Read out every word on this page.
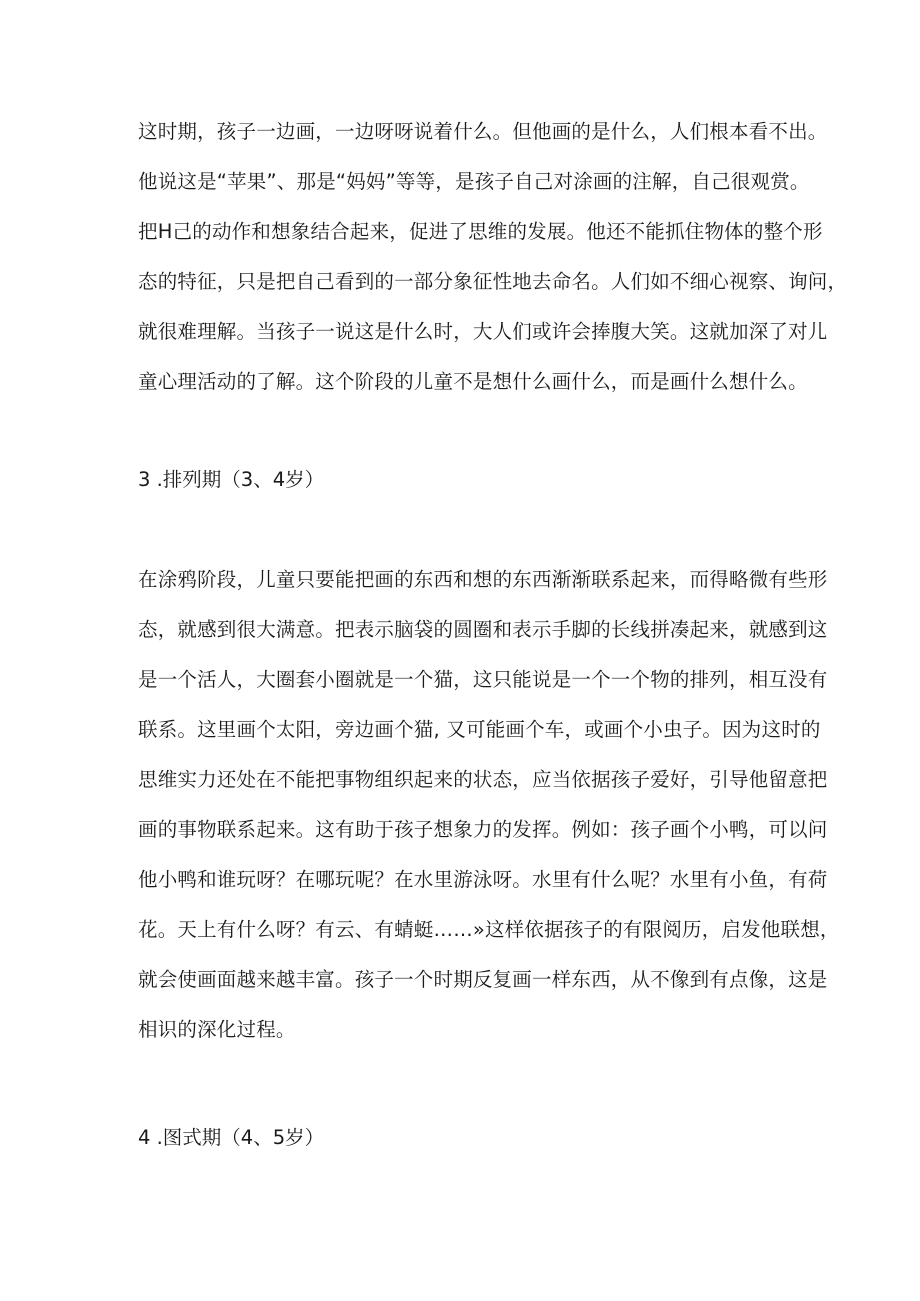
这时期，孩子一边画，一边呀呀说着什么。但他画的是什么，人们根本看不出。
他说这是“苹果”、那是“妈妈”等等，是孩子自己对涂画的注解，自己很观赏。
把H己的动作和想象结合起来，促进了思维的发展。他还不能抓住物体的整个形
态的特征，只是把自己看到的一部分象征性地去命名。人们如不细心视察、询问，
就很难理解。当孩子一说这是什么时，大人们或许会捧腹大笑。这就加深了对儿
童心理活动的了解。这个阶段的儿童不是想什么画什么，而是画什么想什么。
3 .排列期（3、4岁）
在涂鸦阶段，儿童只要能把画的东西和想的东西渐渐联系起来，而得略微有些形
态，就感到很大满意。把表示脑袋的圆圈和表示手脚的长线拼凑起来，就感到这
是一个活人，大圈套小圈就是一个猫，这只能说是一个一个物的排列，相互没有
联系。这里画个太阳，旁边画个猫, 又可能画个车，或画个小虫子。因为这时的
思维实力还处在不能把事物组织起来的状态，应当依据孩子爱好，引导他留意把
画的事物联系起来。这有助于孩子想象力的发挥。例如：孩子画个小鸭，可以问
他小鸭和谁玩呀？在哪玩呢？在水里游泳呀。水里有什么呢？水里有小鱼，有荷
花。天上有什么呀？有云、有蜻蜓……»这样依据孩子的有限阅历，启发他联想，
就会使画面越来越丰富。孩子一个时期反复画一样东西，从不像到有点像，这是
相识的深化过程。
4 .图式期（4、5岁）
